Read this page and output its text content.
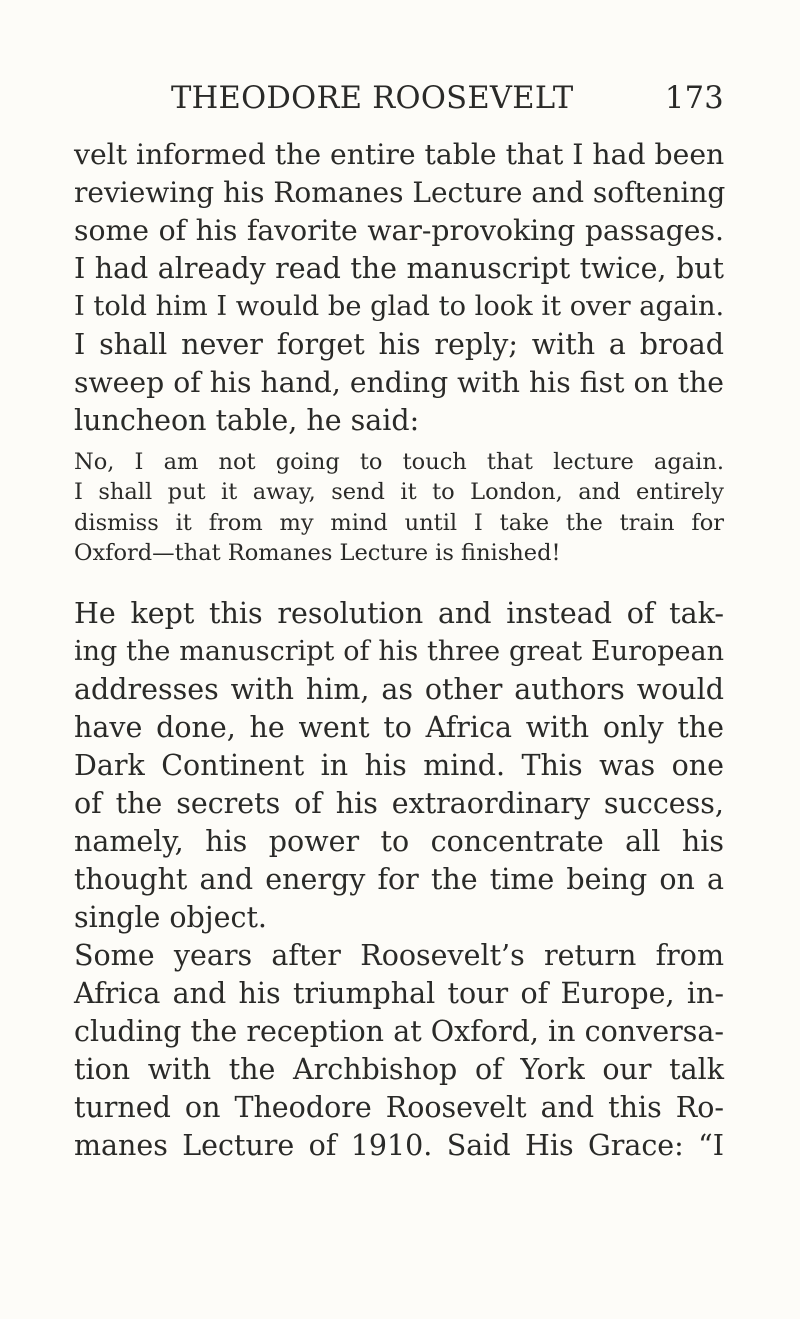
THEODORE ROOSEVELT	173
velt informed the entire table that I had been
reviewing his Romanes Lecture and softening
some of his favorite war-provoking passages.
I had already read the manuscript twice, but
I told him I would be glad to look it over again.
I shall never forget his reply; with a broad
sweep of his hand, ending with his fist on the
luncheon table, he said:
No, I am not going to touch that lecture again.
I shall put it away, send it to London, and entirely
dismiss it from my mind until I take the train for
Oxford—that Romanes Lecture is finished!
He kept this resolution and instead of tak-
ing the manuscript of his three great European
addresses with him, as other authors would
have done, he went to Africa with only the
Dark Continent in his mind. This was one
of the secrets of his extraordinary success,
namely, his power to concentrate all his
thought and energy for the time being on a
single object.
Some years after Roosevelt’s return from
Africa and his triumphal tour of Europe, in-
cluding the reception at Oxford, in conversa-
tion with the Archbishop of York our talk
turned on Theodore Roosevelt and this Ro-
manes Lecture of 1910. Said His Grace: “I
